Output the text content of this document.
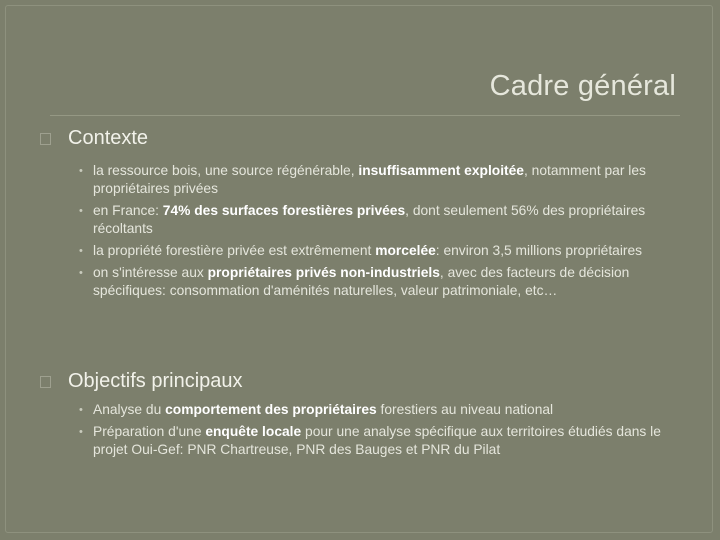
Cadre général
Contexte
• la ressource bois, une source régénérable, insuffisamment exploitée, notamment par les propriétaires privées
• en France: 74% des surfaces forestières privées, dont seulement 56% des propriétaires récoltants
• la propriété forestière privée est extrêmement morcelée: environ 3,5 millions propriétaires
• on s'intéresse aux propriétaires privés non-industriels, avec des facteurs de décision spécifiques: consommation d'aménités naturelles, valeur patrimoniale, etc…
Objectifs principaux
• Analyse du comportement des propriétaires forestiers au niveau national
• Préparation d'une enquête locale pour une analyse spécifique aux territoires étudiés dans le projet Oui-Gef: PNR Chartreuse, PNR des Bauges et PNR du Pilat
